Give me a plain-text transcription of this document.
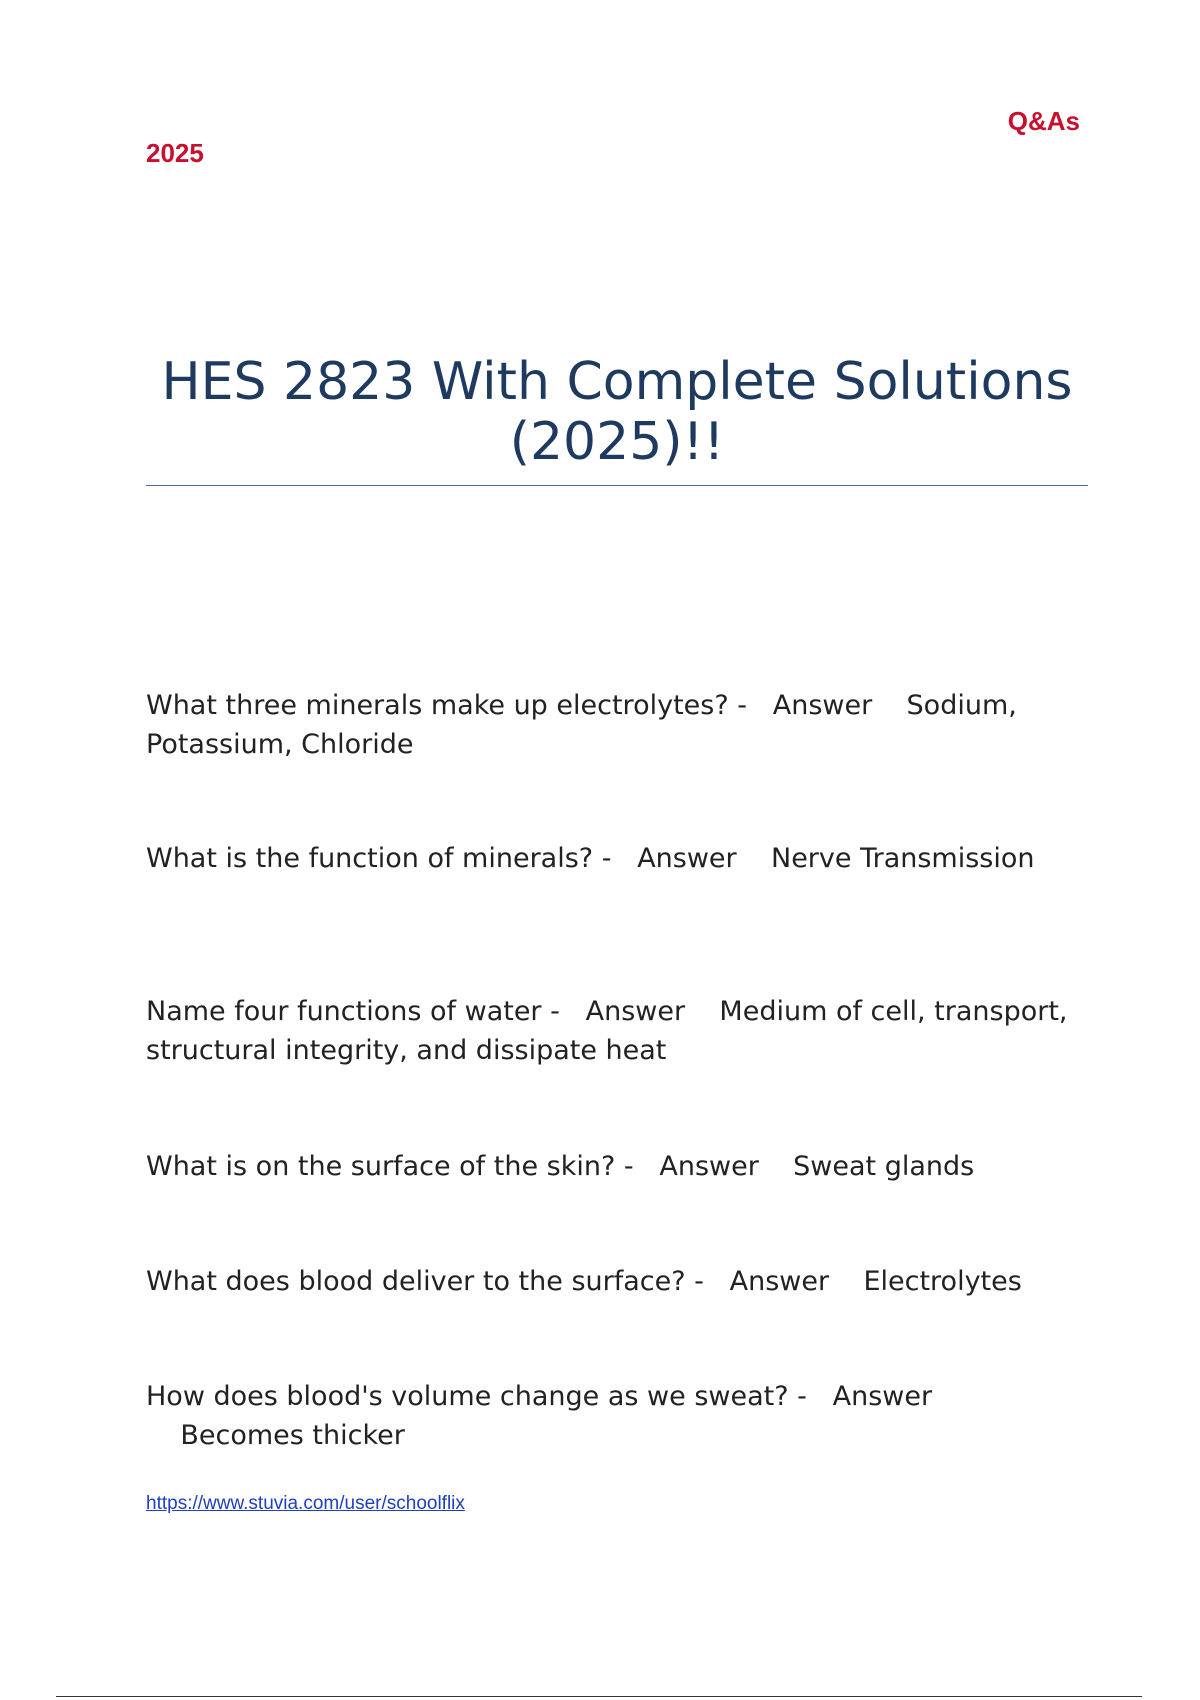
2025
Q&As
HES 2823 With Complete Solutions (2025)!!
What three minerals make up electrolytes? - Answer Sodium, Potassium, Chloride
What is the function of minerals? - Answer Nerve Transmission
Name four functions of water - Answer Medium of cell, transport, structural integrity, and dissipate heat
What is on the surface of the skin? - Answer Sweat glands
What does blood deliver to the surface? - Answer Electrolytes
How does blood's volume change as we sweat? - Answer    Becomes thicker
https://www.stuvia.com/user/schoolflix
